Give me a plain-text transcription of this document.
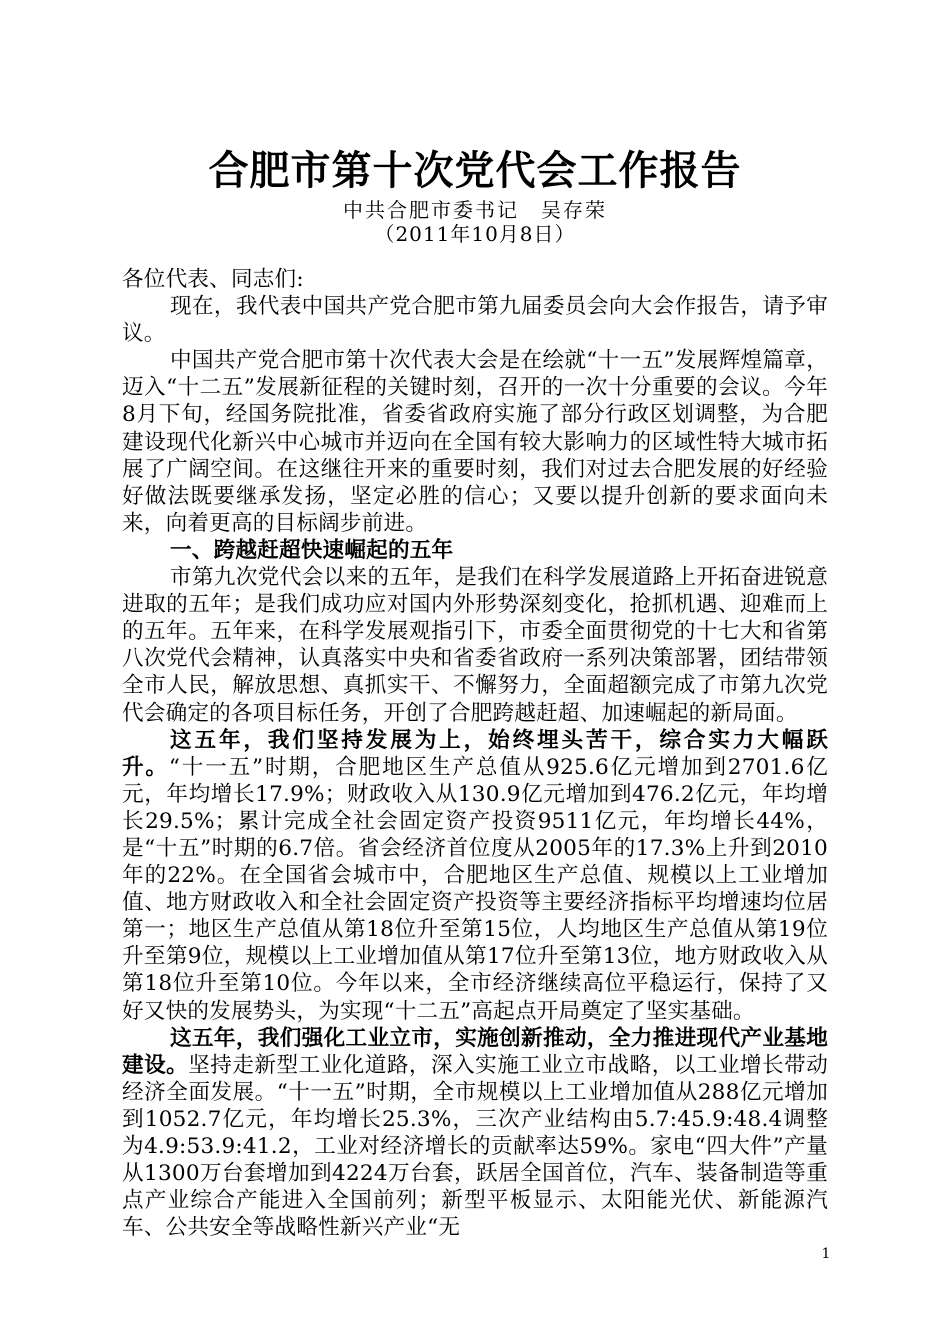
合肥市第十次党代会工作报告
中共合肥市委书记　吴存荣
（2011年10月8日）

各位代表、同志们:

现在，我代表中国共产党合肥市第九届委员会向大会作报告，请予审议。

中国共产党合肥市第十次代表大会是在绘就“十一五”发展辉煌篇章，迈入“十二五”发展新征程的关键时刻，召开的一次十分重要的会议。今年8月下旬，经国务院批准，省委省政府实施了部分行政区划调整，为合肥建设现代化新兴中心城市并迈向在全国有较大影响力的区域性特大城市拓展了广阔空间。在这继往开来的重要时刻，我们对过去合肥发展的好经验好做法既要继承发扬，坚定必胜的信心；又要以提升创新的要求面向未来，向着更高的目标阔步前进。

一、跨越赶超快速崛起的五年

市第九次党代会以来的五年，是我们在科学发展道路上开拓奋进锐意进取的五年；是我们成功应对国内外形势深刻变化，抢抓机遇、迎难而上的五年。五年来，在科学发展观指引下，市委全面贯彻党的十七大和省第八次党代会精神，认真落实中央和省委省政府一系列决策部署，团结带领全市人民，解放思想、真抓实干、不懈努力，全面超额完成了市第九次党代会确定的各项目标任务，开创了合肥跨越赶超、加速崛起的新局面。

这五年，我们坚持发展为上，始终埋头苦干，综合实力大幅跃升。“十一五”时期，合肥地区生产总值从925.6亿元增加到2701.6亿元，年均增长17.9%；财政收入从130.9亿元增加到476.2亿元，年均增长29.5%；累计完成全社会固定资产投资9511亿元，年均增长44%，是“十五”时期的6.7倍。省会经济首位度从2005年的17.3%上升到2010年的22%。在全国省会城市中，合肥地区生产总值、规模以上工业增加值、地方财政收入和全社会固定资产投资等主要经济指标平均增速均位居第一；地区生产总值从第18位升至第15位，人均地区生产总值从第19位升至第9位，规模以上工业增加值从第17位升至第13位，地方财政收入从第18位升至第10位。今年以来，全市经济继续高位平稳运行，保持了又好又快的发展势头，为实现“十二五”高起点开局奠定了坚实基础。

这五年，我们强化工业立市，实施创新推动，全力推进现代产业基地建设。坚持走新型工业化道路，深入实施工业立市战略，以工业增长带动经济全面发展。“十一五”时期，全市规模以上工业增加值从288亿元增加到1052.7亿元，年均增长25.3%，三次产业结构由5.7:45.9:48.4调整为4.9:53.9:41.2，工业对经济增长的贡献率达59%。家电“四大件”产量从1300万台套增加到4224万台套，跃居全国首位，汽车、装备制造等重点产业综合产能进入全国前列；新型平板显示、太阳能光伏、新能源汽车、公共安全等战略性新兴产业“无

1
